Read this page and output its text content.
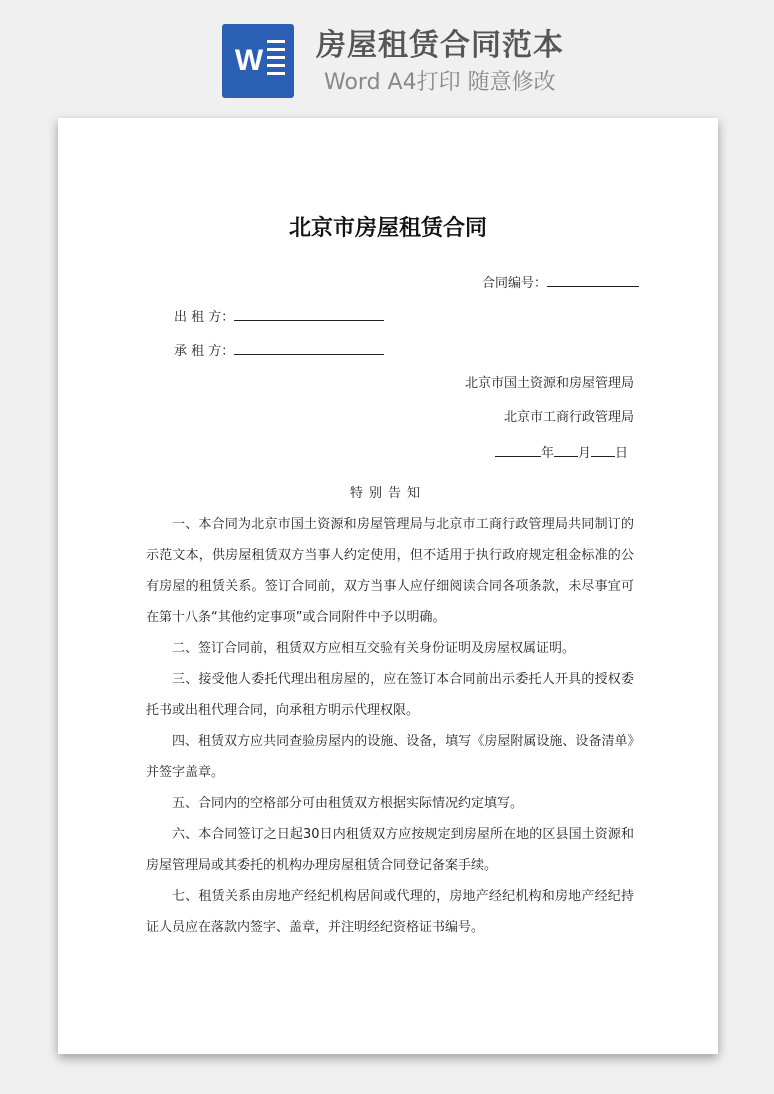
W 房屋租赁合同范本
Word A4打印 随意修改
北京市房屋租赁合同
合同编号：
出 租 方：
承 租 方：
北京市国土资源和房屋管理局
北京市工商行政管理局
年 月 日
特别告知
一、本合同为北京市国土资源和房屋管理局与北京市工商行政管理局共同制订的示范文本，供房屋租赁双方当事人约定使用，但不适用于执行政府规定租金标准的公有房屋的租赁关系。签订合同前，双方当事人应仔细阅读合同各项条款，未尽事宜可在第十八条“其他约定事项”或合同附件中予以明确。
二、签订合同前，租赁双方应相互交验有关身份证明及房屋权属证明。
三、接受他人委托代理出租房屋的，应在签订本合同前出示委托人开具的授权委托书或出租代理合同，向承租方明示代理权限。
四、租赁双方应共同查验房屋内的设施、设备，填写《房屋附属设施、设备清单》并签字盖章。
五、合同内的空格部分可由租赁双方根据实际情况约定填写。
六、本合同签订之日起30日内租赁双方应按规定到房屋所在地的区县国土资源和房屋管理局或其委托的机构办理房屋租赁合同登记备案手续。
七、租赁关系由房地产经纪机构居间或代理的，房地产经纪机构和房地产经纪持证人员应在落款内签字、盖章，并注明经纪资格证书编号。
